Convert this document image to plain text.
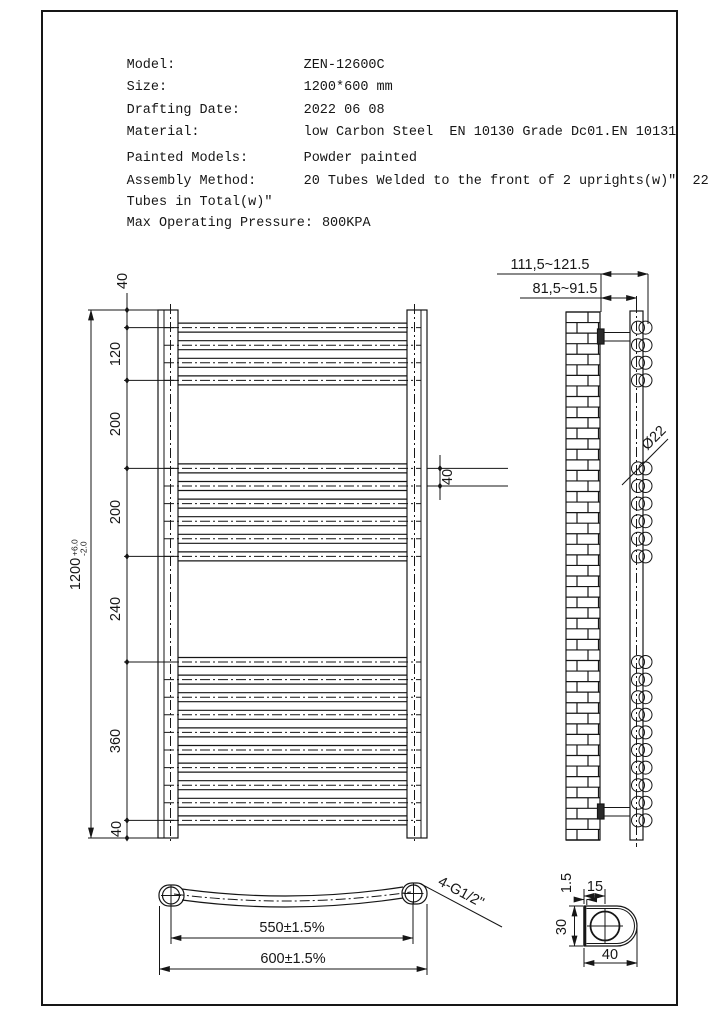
Model:	ZEN-12600C

Size:	1200*600 mm

Drafting Date:	2022 06 08

Material:	low Carbon Steel  EN 10130 Grade Dc01.EN 10131

Painted Models:	Powder painted

Assembly Method:	20 Tubes Welded to the front of 2 uprights(w)″  22

Tubes in Total(w)″

Max Operating Pressure: 800KPA

1200
+6.0 -2.0
40
120
200
200
240
360
40
40
111,5~121.5
81,5~91.5
Ø22
4-G1/2"
550±1.5%
600±1.5%	40
30
15
1.5
